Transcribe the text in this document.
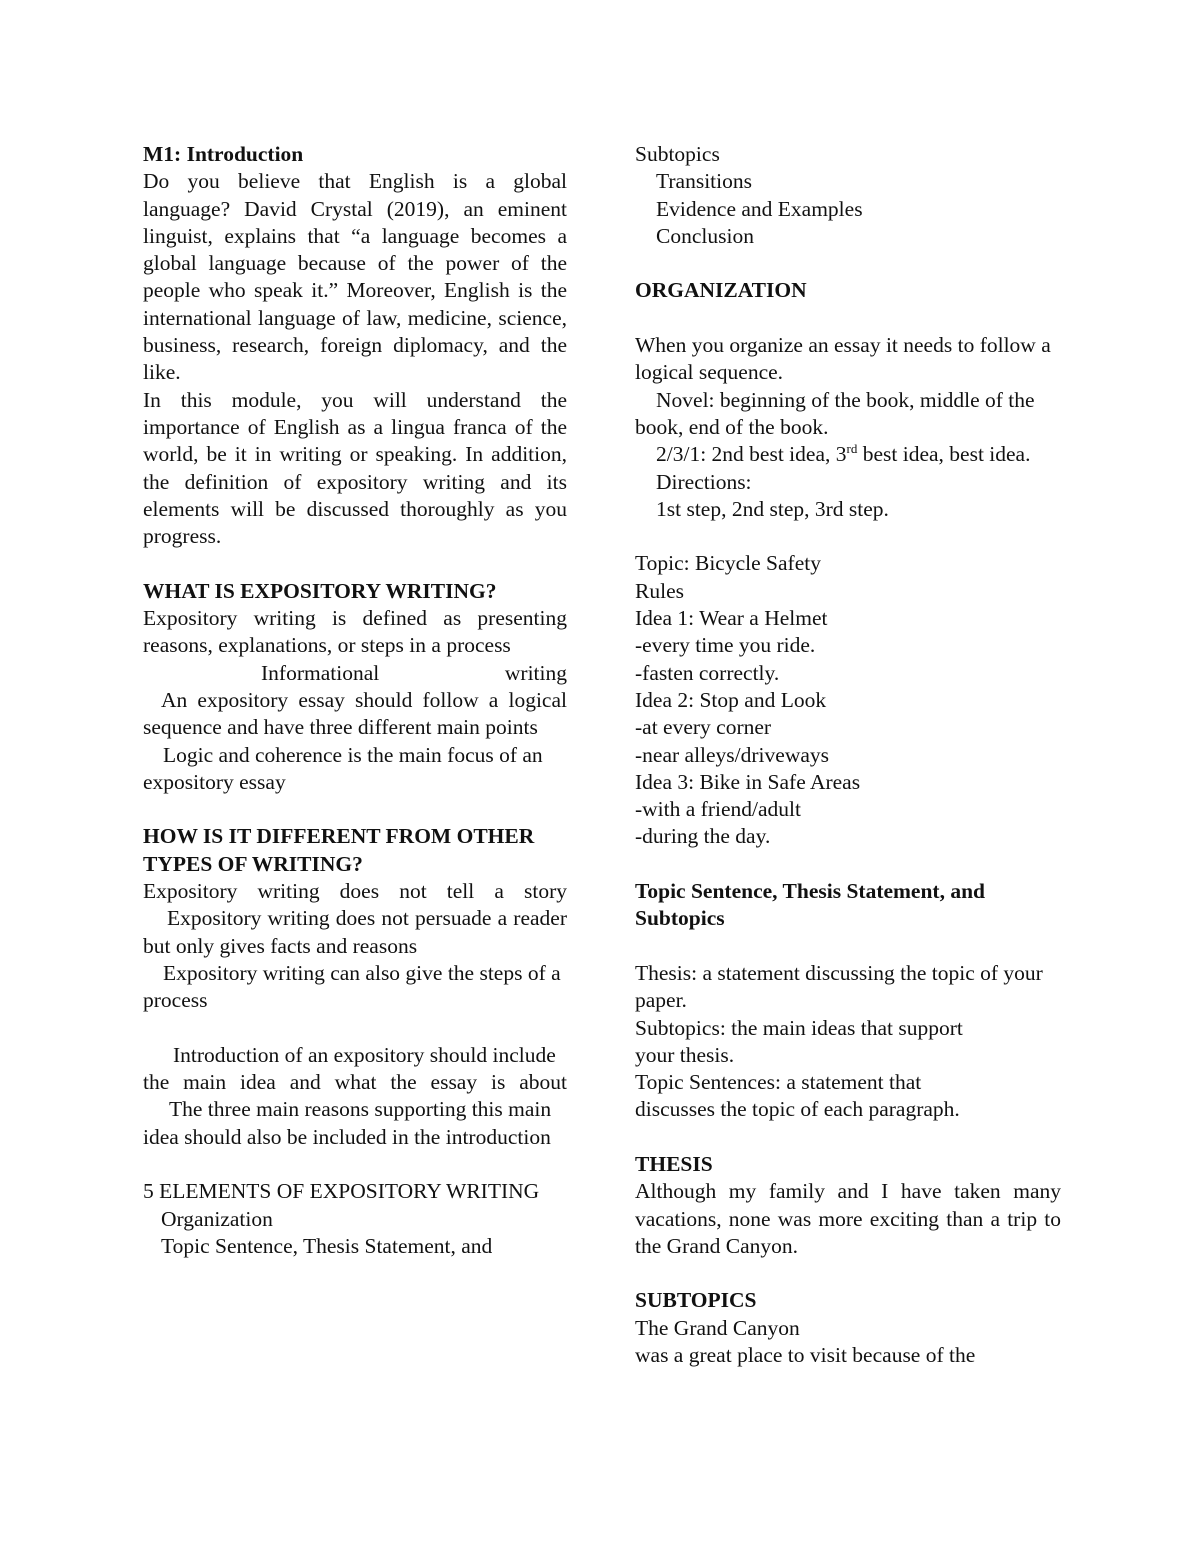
M1: Introduction

Do you believe that English is a global language? David Crystal (2019), an eminent linguist, explains that “a language becomes a global language because of the power of the people who speak it.” Moreover, English is the international language of law, medicine, science, business, research, foreign diplomacy, and the like.

In this module, you will understand the importance of English as a lingua franca of the world, be it in writing or speaking. In addition, the definition of expository writing and its elements will be discussed thoroughly as you progress.

WHAT IS EXPOSITORY WRITING?

Expository writing is defined as presenting reasons, explanations, or steps in a process

Informational	writing

An expository essay should follow a logical sequence and have three different main points

Logic and coherence is the main focus of an expository essay

HOW IS IT DIFFERENT FROM OTHER TYPES OF WRITING?

Expository writing does not tell a story

Expository writing does not persuade a reader but only gives facts and reasons

Expository writing can also give the steps of a process

Introduction of an expository should include

the main idea and what the essay is about

The three main reasons supporting this main

idea should also be included in the introduction

5 ELEMENTS OF EXPOSITORY WRITING

Organization

Topic Sentence, Thesis Statement, and

Subtopics

Transitions

Evidence and Examples

Conclusion

ORGANIZATION

When you organize an essay it needs to follow a logical sequence.

Novel: beginning of the book, middle of the book, end of the book.

2/3/1: 2nd best idea, 3rd best idea, best idea.

Directions:

1st step, 2nd step, 3rd step.

Topic: Bicycle Safety

Rules

Idea 1: Wear a Helmet

-every time you ride.

-fasten correctly.

Idea 2: Stop and Look

-at every corner

-near alleys/driveways

Idea 3: Bike in Safe Areas

-with a friend/adult

-during the day.

Topic Sentence, Thesis Statement, and Subtopics

Thesis: a statement discussing the topic of your paper.

Subtopics: the main ideas that support your thesis.

Topic Sentences: a statement that discusses the topic of each paragraph.

THESIS

Although my family and I have taken many vacations, none was more exciting than a trip to the Grand Canyon.

SUBTOPICS

The Grand Canyon

was a great place to visit because of the
